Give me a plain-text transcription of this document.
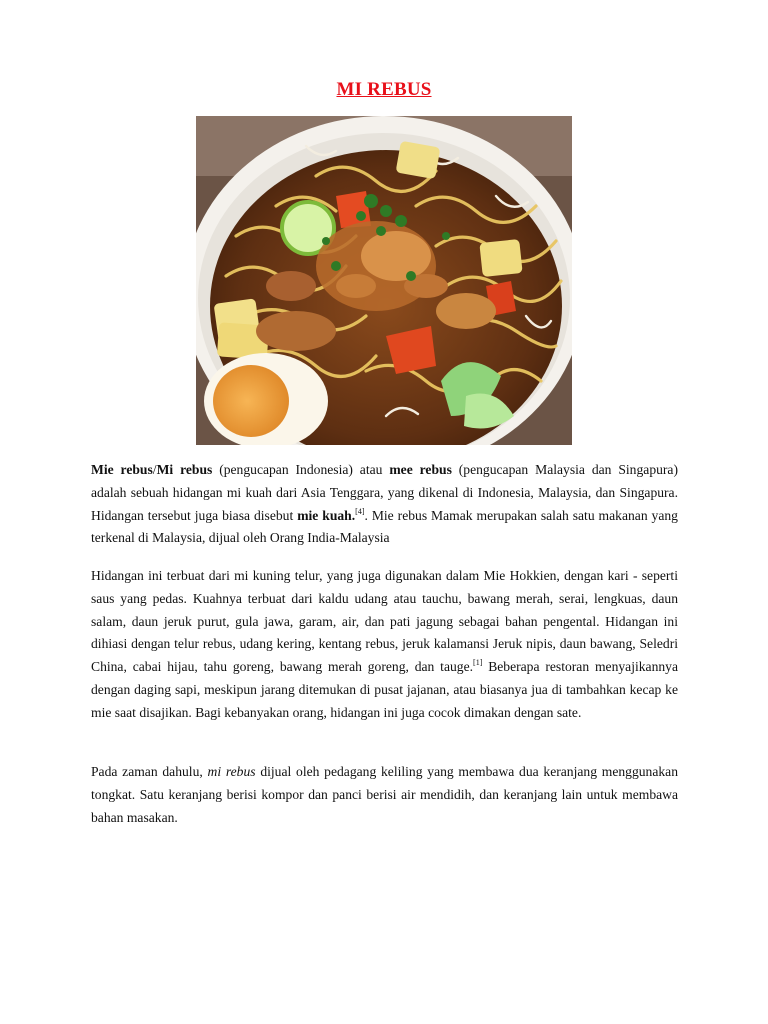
MI REBUS
Mie rebus/Mi rebus (pengucapan Indonesia) atau mee rebus (pengucapan Malaysia dan Singapura) adalah sebuah hidangan mi kuah dari Asia Tenggara, yang dikenal di Indonesia, Malaysia, dan Singapura. Hidangan tersebut juga biasa disebut mie kuah.[4]. Mie rebus Mamak merupakan salah satu makanan yang terkenal di Malaysia, dijual oleh Orang India-Malaysia
Hidangan ini terbuat dari mi kuning telur, yang juga digunakan dalam Mie Hokkien, dengan kari - seperti saus yang pedas. Kuahnya terbuat dari kaldu udang atau tauchu, bawang merah, serai, lengkuas, daun salam, daun jeruk purut, gula jawa, garam, air, dan pati jagung sebagai bahan pengental. Hidangan ini dihiasi dengan telur rebus, udang kering, kentang rebus, jeruk kalamansi Jeruk nipis, daun bawang, Seledri China, cabai hijau, tahu goreng, bawang merah goreng, dan tauge.[1] Beberapa restoran menyajikannya dengan daging sapi, meskipun jarang ditemukan di pusat jajanan, atau biasanya jua di tambahkan kecap ke mie saat disajikan. Bagi kebanyakan orang, hidangan ini juga cocok dimakan dengan sate.
Pada zaman dahulu, mi rebus dijual oleh pedagang keliling yang membawa dua keranjang menggunakan tongkat. Satu keranjang berisi kompor dan panci berisi air mendidih, dan keranjang lain untuk membawa bahan masakan.
